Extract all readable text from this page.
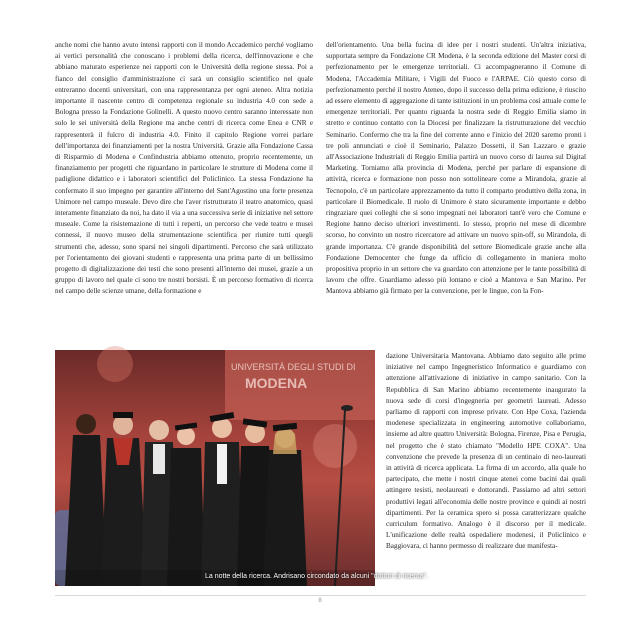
anche nomi che hanno avuto intensi rapporti con il mondo Accademico perché vogliamo ai vertici personalità che conoscano i problemi della ricerca, dell'innovazione e che abbiano maturato esperienze nei rapporti con le Università della regione stessa. Poi a fianco del consiglio d'amministrazione ci sarà un consiglio scientifico nel quale entreranno docenti universitari, con una rappresentanza per ogni ateneo. Altra notizia importante il nascente centro di competenza regionale su industria 4.0 con sede a Bologna presso la Fondazione Golinelli. A questo nuovo centro saranno interessate non solo le sei università della Regione ma anche centri di ricerca come Enea e CNR e rappresenterà il fulcro di industria 4.0. Finito il capitolo Regione vorrei parlare dell'importanza dei finanziamenti per la nostra Università. Grazie alla Fondazione Cassa di Risparmio di Modena e Confindustria abbiamo ottenuto, proprio recentemente, un finanziamento per progetti che riguardano in particolare le strutture di Modena come il padiglione didattico e i laboratori scientifici del Policlinico. La stessa Fondazione ha confermato il suo impegno per garantire all'interno del Sant'Agostino una forte presenza Unimore nel campo museale. Devo dire che l'aver ristrutturato il teatro anatomico, quasi interamente finanziato da noi, ha dato il via a una successiva serie di iniziative nel settore museale. Come la risistemazione di tutti i reperti, un percorso che vede teatro e musei connessi, il nuovo museo della strumentazione scientifica per riunire tutti quegli strumenti che, adesso, sono sparsi nei singoli dipartimenti. Percorso che sarà utilizzato per l'orientamento dei giovani studenti e rappresenta una prima parte di un bellissimo progetto di digitalizzazione dei testi che sono presenti all'interno dei musei, grazie a un gruppo di lavoro nel quale ci sono tre nostri borsisti. È un percorso formativo di ricerca nel campo delle scienze umane, della formazione e

dell'orientamento. Una bella fucina di idee per i nostri studenti. Un'altra iniziativa, supportata sempre da Fondazione CR Modena, è la seconda edizione del Master corsi di perfezionamento per le emergenze territoriali. Ci accompagneranno il Comune di Modena, l'Accademia Militare, i Vigili del Fuoco e l'ARPAE. Ciò questo corso di perfezionamento perché il nostro Ateneo, dopo il successo della prima edizione, è riuscito ad essere elemento di aggregazione di tante istituzioni in un problema così attuale come le emergenze territoriali. Per quanto riguarda la nostra sede di Reggio Emilia siamo in stretto e continuo contatto con la Diocesi per finalizzare la ristrutturazione del vecchio Seminario. Confermo che tra la fine del corrente anno e l'inizio del 2020 saremo pronti i tre poli annunciati e cioè il Seminario, Palazzo Dossetti, il San Lazzaro e grazie all'Associazione Industriali di Reggio Emilia partirà un nuovo corso di laurea sul Digital Marketing. Torniamo alla provincia di Modena, perché per parlare di espansione di attività, ricerca e formazione non posso non sottolineare come a Mirandola, grazie al Tecnopolo, c'è un particolare apprezzamento da tutto il comparto produttivo della zona, in particolare il Biomedicale. Il ruolo di Unimore è stato sicuramente importante e debbo ringraziare quei colleghi che si sono impegnati nei laboratori tant'è vero che Comune e Regione hanno deciso ulteriori investimenti. Io stesso, proprio nel mese di dicembre scorso, ho convinto un nostro ricercatore ad attivare un nuovo spin-off, su Mirandola, di grande importanza. C'è grande disponibilità del settore Biomedicale grazie anche alla Fondazione Democenter che funge da ufficio di collegamento in maniera molto propositiva proprio in un settore che va guardato con attenzione per le tante possibilità di lavoro che offre. Guardiamo adesso più lontano e cioè a Mantova e San Marino. Per Mantova abbiamo già firmato per la convenzione, per le lingue, con la Fon-

dazione Universitaria Mantovana. Abbiamo dato seguito alle prime iniziative nel campo Ingegneristico Informatico e guardiamo con attenzione all'attivazione di iniziative in campo sanitario. Con la Repubblica di San Marino abbiamo recentemente inaugurato la nuova sede di corsi d'ingegneria per geometri laureati. Adesso parliamo di rapporti con imprese private. Con Hpe Coxa, l'azienda modenese specializzata in engineering automotive collaboriamo, insieme ad altre quattro Università: Bologna, Firenze, Pisa e Perugia, nel progetto che è stato chiamato "Modello HPE COXA". Una convenzione che prevede la presenza di un centinaio di neo-laureati in attività di ricerca applicata. La firma di un accordo, alla quale ho partecipato, che mette i nostri cinque atenei come bacini dai quali attingere tesisti, neolaureati e dottorandi. Passiamo ad altri settori produttivi legati all'economia delle nostre province e quindi ai nostri dipartimenti. Per la ceramica spero si possa caratterizzare qualche curriculum formativo. Analogo è il discorso per il medicale. L'unificazione delle realtà ospedaliere modenesi, il Policlinico e Baggiovara, ci hanno permesso di realizzare due manifesta-

UNIVERSITÀ DEGLI STUDI DI
MODENA
La notte della ricerca. Andrisano circondato da alcuni "dottori di ricerca".
8
